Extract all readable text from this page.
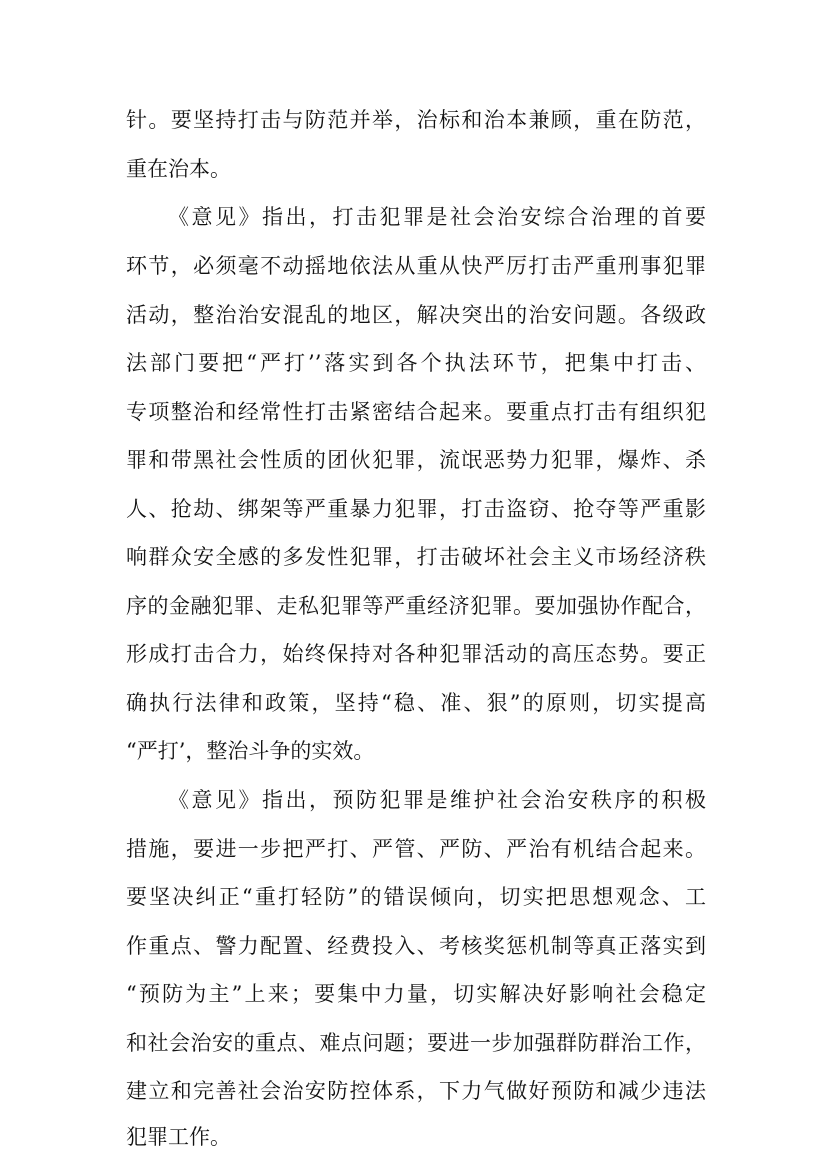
针。要坚持打击与防范并举，治标和治本兼顾，重在防范，
重在治本。
《意见》指出，打击犯罪是社会治安综合治理的首要
环节，必须毫不动摇地依法从重从快严厉打击严重刑事犯罪
活动，整治治安混乱的地区，解决突出的治安问题。各级政
法部门要把“严打’’落实到各个执法环节，把集中打击、
专项整治和经常性打击紧密结合起来。要重点打击有组织犯
罪和带黑社会性质的团伙犯罪，流氓恶势力犯罪，爆炸、杀
人、抢劫、绑架等严重暴力犯罪，打击盗窃、抢夺等严重影
响群众安全感的多发性犯罪，打击破坏社会主义市场经济秩
序的金融犯罪、走私犯罪等严重经济犯罪。要加强协作配合，
形成打击合力，始终保持对各种犯罪活动的高压态势。要正
确执行法律和政策，坚持“稳、准、狠”的原则，切实提高
“严打’，整治斗争的实效。
《意见》指出，预防犯罪是维护社会治安秩序的积极
措施，要进一步把严打、严管、严防、严治有机结合起来。
要坚决纠正“重打轻防”的错误倾向，切实把思想观念、工
作重点、警力配置、经费投入、考核奖惩机制等真正落实到
“预防为主”上来；要集中力量，切实解决好影响社会稳定
和社会治安的重点、难点问题；要进一步加强群防群治工作，
建立和完善社会治安防控体系，下力气做好预防和减少违法
犯罪工作。
